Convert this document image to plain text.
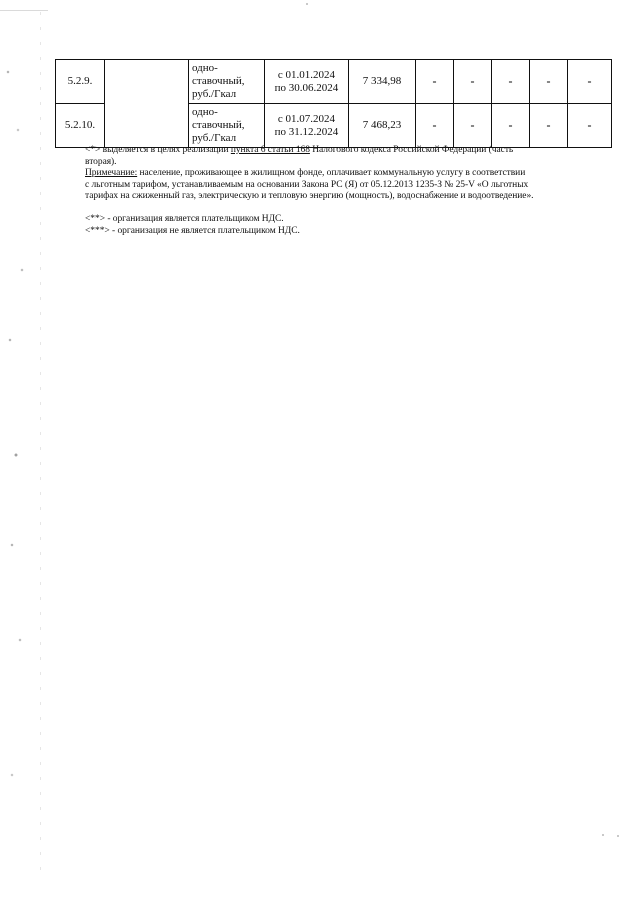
5.2.9.		одно-
ставочный,
руб./Гкал	с 01.01.2024
по 30.06.2024	7 334,98	-	-	-	-	-
5.2.10.		одно-
ставочный,
руб./Гкал	с 01.07.2024
по 31.12.2024	7 468,23	-	-	-	-	-
<*> выделяется в целях реализации пункта 6 статьи 168 Налогового кодекса Российской Федерации (часть
вторая).
Примечание: население, проживающее в жилищном фонде, оплачивает коммунальную услугу в соответствии
с льготным тарифом, устанавливаемым на основании Закона РС (Я) от 05.12.2013 1235-З № 25-V «О льготных
тарифах на сжиженный газ, электрическую и тепловую энергию (мощность), водоснабжение и водоотведение».
<**> - организация является плательщиком НДС.
<***> - организация не является плательщиком НДС.
